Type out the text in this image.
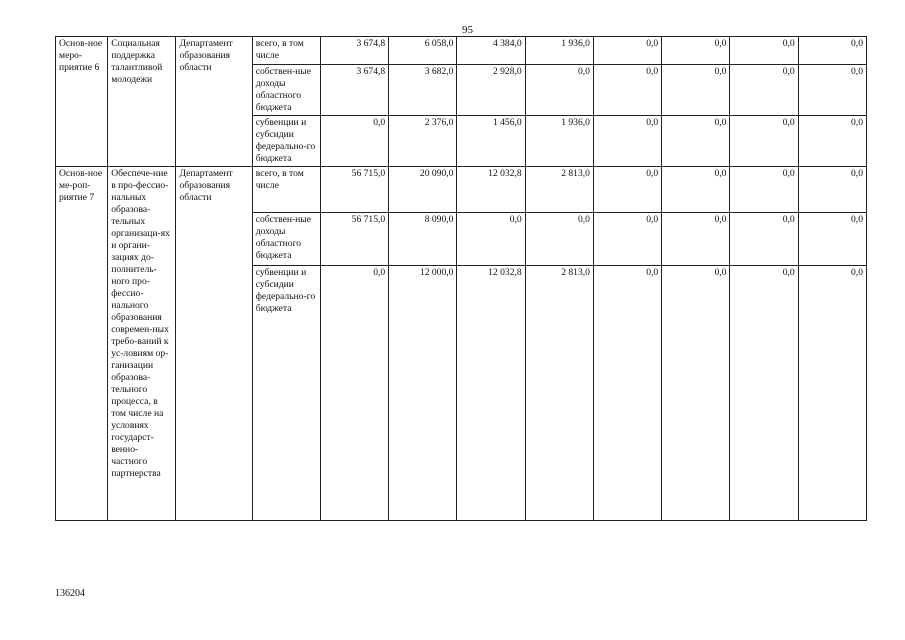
95
Основ-ное меро-приятие 6	Социальная поддержка талантливой молодежи	Департамент образования области	всего, в том числе	3 674,8	6 058,0	4 384,0	1 936,0	0,0	0,0	0,0	0,0
			собствен-ные доходы областного бюджета	3 674,8	3 682,0	2 928,0	0,0	0,0	0,0	0,0	0,0
			субвенции и субсидии федерально-го бюджета	0,0	2 376,0	1 456,0	1 936,0	0,0	0,0	0,0	0,0
Основ-ное ме-роп-риятие 7	Обеспече-ние в про-фессио-нальных образова-тельных организаци-ях и органи-зациях до-полнитель-ного про-фессио-нального образования современ-ных требо-ваний к ус-ловиям ор-ганизации образова-тельного процесса, в том числе на условиях государст-венно-частного партнерства	Департамент образования области	всего, в том числе	56 715,0	20 090,0	12 032,8	2 813,0	0,0	0,0	0,0	0,0
			собствен-ные доходы областного бюджета	56 715,0	8 090,0	0,0	0,0	0,0	0,0	0,0	0,0
			субвенции и субсидии федерально-го бюджета	0,0	12 000,0	12 032,8	2 813,0	0,0	0,0	0,0	0,0
136204
